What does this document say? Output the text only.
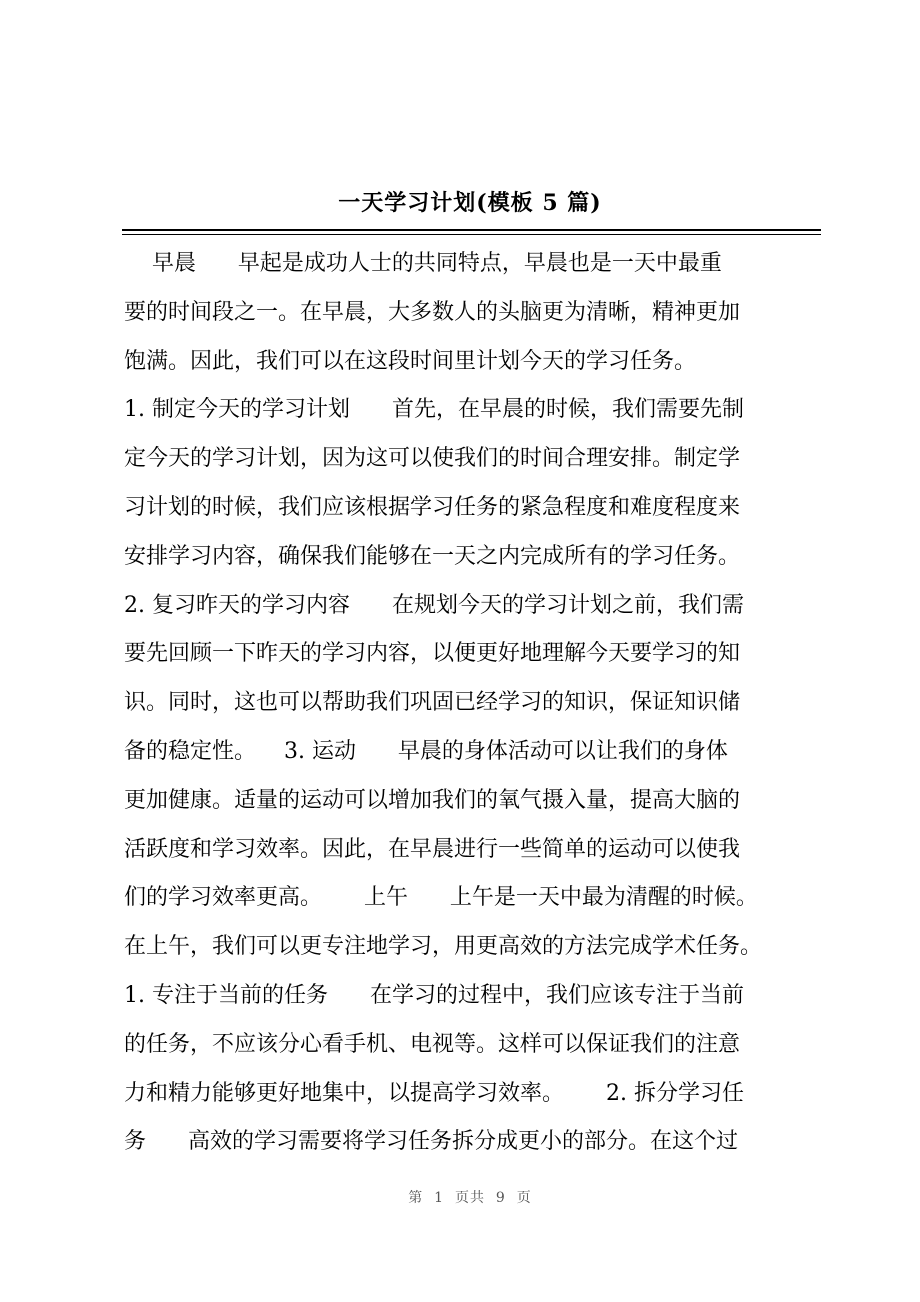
一天学习计划(模板 5 篇)
早晨      早起是成功人士的共同特点，早晨也是一天中最重
要的时间段之一。在早晨，大多数人的头脑更为清晰，精神更加
饱满。因此，我们可以在这段时间里计划今天的学习任务。
1. 制定今天的学习计划      首先，在早晨的时候，我们需要先制
定今天的学习计划，因为这可以使我们的时间合理安排。制定学
习计划的时候，我们应该根据学习任务的紧急程度和难度程度来
安排学习内容，确保我们能够在一天之内完成所有的学习任务。
2. 复习昨天的学习内容      在规划今天的学习计划之前，我们需
要先回顾一下昨天的学习内容，以便更好地理解今天要学习的知
识。同时，这也可以帮助我们巩固已经学习的知识，保证知识储
备的稳定性。    3. 运动      早晨的身体活动可以让我们的身体
更加健康。适量的运动可以增加我们的氧气摄入量，提高大脑的
活跃度和学习效率。因此，在早晨进行一些简单的运动可以使我
们的学习效率更高。      上午      上午是一天中最为清醒的时候。
在上午，我们可以更专注地学习，用更高效的方法完成学术任务。
1. 专注于当前的任务      在学习的过程中，我们应该专注于当前
的任务，不应该分心看手机、电视等。这样可以保证我们的注意
力和精力能够更好地集中，以提高学习效率。      2. 拆分学习任
务      高效的学习需要将学习任务拆分成更小的部分。在这个过
第  1  页共  9  页
